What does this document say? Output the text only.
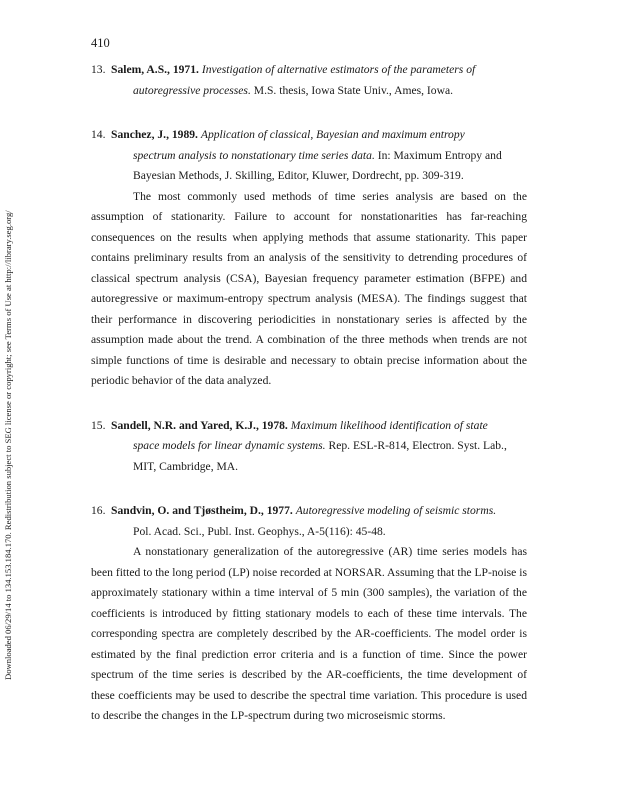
Downloaded 06/29/14 to 134.153.184.170. Redistribution subject to SEG license or copyright; see Terms of Use at http://library.seg.org/
410
13. Salem, A.S., 1971. Investigation of alternative estimators of the parameters of
autoregressive processes. M.S. thesis, Iowa State Univ., Ames, Iowa.
14. Sanchez, J., 1989. Application of classical, Bayesian and maximum entropy
spectrum analysis to nonstationary time series data. In: Maximum Entropy and
Bayesian Methods, J. Skilling, Editor, Kluwer, Dordrecht, pp. 309-319.

The most commonly used methods of time series analysis are based on the assumption of stationarity. Failure to account for nonstationarities has far-reaching consequences on the results when applying methods that assume stationarity. This paper contains preliminary results from an analysis of the sensitivity to detrending procedures of classical spectrum analysis (CSA), Bayesian frequency parameter estimation (BFPE) and autoregressive or maximum-entropy spectrum analysis (MESA). The findings suggest that their performance in discovering periodicities in nonstationary series is affected by the assumption made about the trend. A combination of the three methods when trends are not simple functions of time is desirable and necessary to obtain precise information about the periodic behavior of the data analyzed.

15. Sandell, N.R. and Yared, K.J., 1978. Maximum likelihood identification of state
space models for linear dynamic systems. Rep. ESL-R-814, Electron. Syst. Lab.,
MIT, Cambridge, MA.
16. Sandvin, O. and Tjøstheim, D., 1977. Autoregressive modeling of seismic storms.
Pol. Acad. Sci., Publ. Inst. Geophys., A-5(116): 45-48.

A nonstationary generalization of the autoregressive (AR) time series models has been fitted to the long period (LP) noise recorded at NORSAR. Assuming that the LP-noise is approximately stationary within a time interval of 5 min (300 samples), the variation of the coefficients is introduced by fitting stationary models to each of these time intervals. The corresponding spectra are completely described by the AR-coefficients. The model order is estimated by the final prediction error criteria and is a function of time. Since the power spectrum of the time series is described by the AR-coefficients, the time development of these coefficients may be used to describe the spectral time variation. This procedure is used to describe the changes in the LP-spectrum during two microseismic storms.
